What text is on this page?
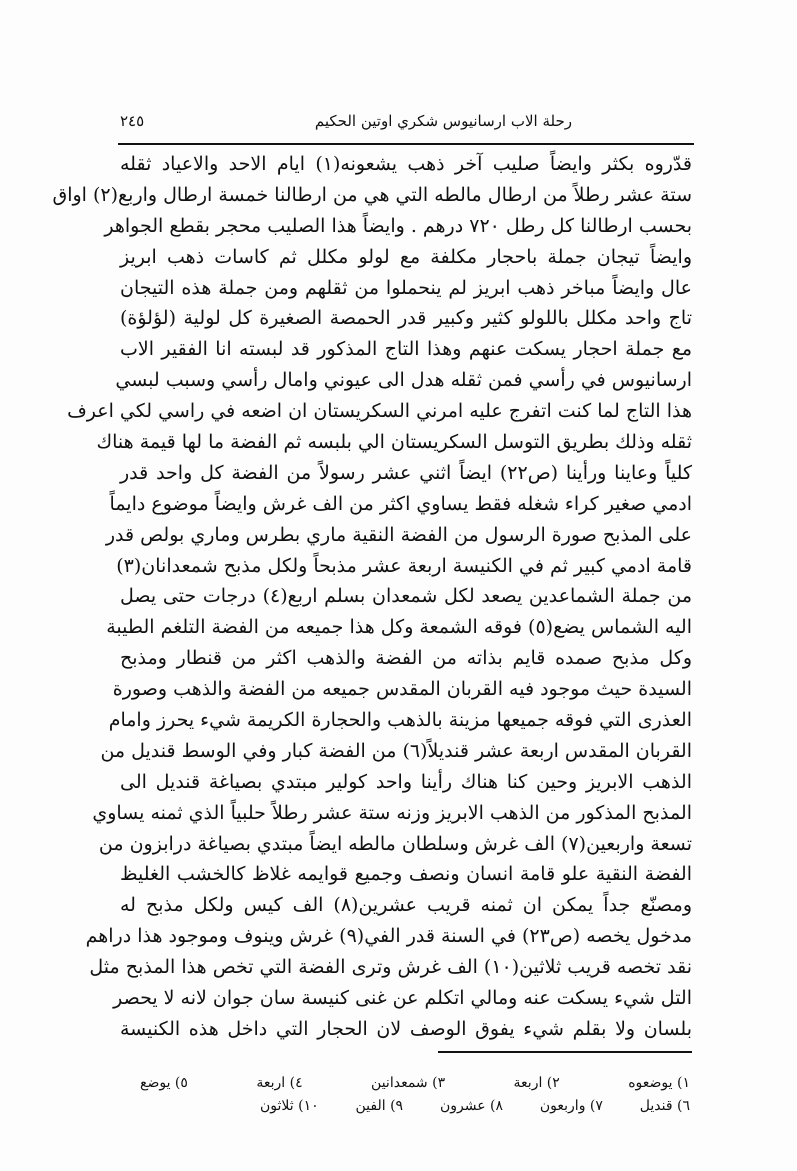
رحلة الاب ارسانيوس شكري اوتين الحكيم
٢٤٥
قدّروه بكثر وايضاً صليب آخر ذهب يشعونه(١) ايام الاحد والاعياد ثقله
ستة عشر رطلاً من ارطال مالطه التي هي من ارطالنا خمسة ارطال واربع(٢) اواق
بحسب ارطالنا كل رطل ٧٢٠ درهم . وايضاً هذا الصليب محجر بقطع الجواهر
وايضاً تيجان جملة باحجار مكلفة مع لولو مكلل ثم كاسات ذهب ابريز
عال وايضاً مباخر ذهب ابريز لم ينحملوا من ثقلهم ومن جملة هذه التيجان
تاج واحد مكلل باللولو كثير وكبير قدر الحمصة الصغيرة كل لولية (لؤلؤة)
مع جملة احجار يسكت عنهم وهذا التاج المذكور قد لبسته انا الفقير الاب
ارسانيوس في رأسي فمن ثقله هدل الى عيوني وامال رأسي وسبب لبسي
هذا التاج لما كنت اتفرج عليه امرني السكريستان ان اضعه في راسي لكي اعرف
ثقله وذلك بطريق التوسل السكريستان الي بلبسه ثم الفضة ما لها قيمة هناك
كلياً وعاينا ورأينا (ص٢٢) ايضاً اثني عشر رسولاً من الفضة كل واحد قدر
ادمي صغير كراء شغله فقط يساوي اكثر من الف غرش وايضاً موضوع دايماً
على المذبح صورة الرسول من الفضة النقية ماري بطرس وماري بولص قدر
قامة ادمي كبير ثم في الكنيسة اربعة عشر مذبحاً ولكل مذبح شمعدانان(٣)
من جملة الشماعدين يصعد لكل شمعدان بسلم اربع(٤) درجات حتى يصل
اليه الشماس يضع(٥) فوقه الشمعة وكل هذا جميعه من الفضة التلغم الطيبة
وكل مذبح صمده قايم بذاته من الفضة والذهب اكثر من قنطار ومذبح
السيدة حيث موجود فيه القربان المقدس جميعه من الفضة والذهب وصورة
العذرى التي فوقه جميعها مزينة بالذهب والحجارة الكريمة شيء يحرز وامام
القربان المقدس اربعة عشر قنديلاً(٦) من الفضة كبار وفي الوسط قنديل من
الذهب الابريز وحين كنا هناك رأينا واحد كولير مبتدي بصياغة قنديل الى
المذبح المذكور من الذهب الابريز وزنه ستة عشر رطلاً حلبياً الذي ثمنه يساوي
تسعة واربعين(٧) الف غرش وسلطان مالطه ايضاً مبتدي بصياغة درابزون من
الفضة النقية علو قامة انسان ونصف وجميع قوايمه غلاظ كالخشب الغليظ
ومصنّع جداً يمكن ان ثمنه قريب عشرين(٨) الف كيس ولكل مذبح له
مدخول يخصه (ص٢٣) في السنة قدر الفي(٩) غرش وينوف وموجود هذا دراهم
نقد تخصه قريب ثلاثين(١٠) الف غرش وترى الفضة التي تخص هذا المذبح مثل
التل شيء يسكت عنه ومالي اتكلم عن غنى كنيسة سان جوان لانه لا يحصر
بلسان ولا بقلم شيء يفوق الوصف لان الحجار التي داخل هذه الكنيسة
١) يوضعوه
٢) اربعة
٣) شمعدانين
٤) اربعة
٥) يوضع
٦) قنديل
٧) واربعون
٨) عشرون
٩) الفين
١٠) ثلاثون
